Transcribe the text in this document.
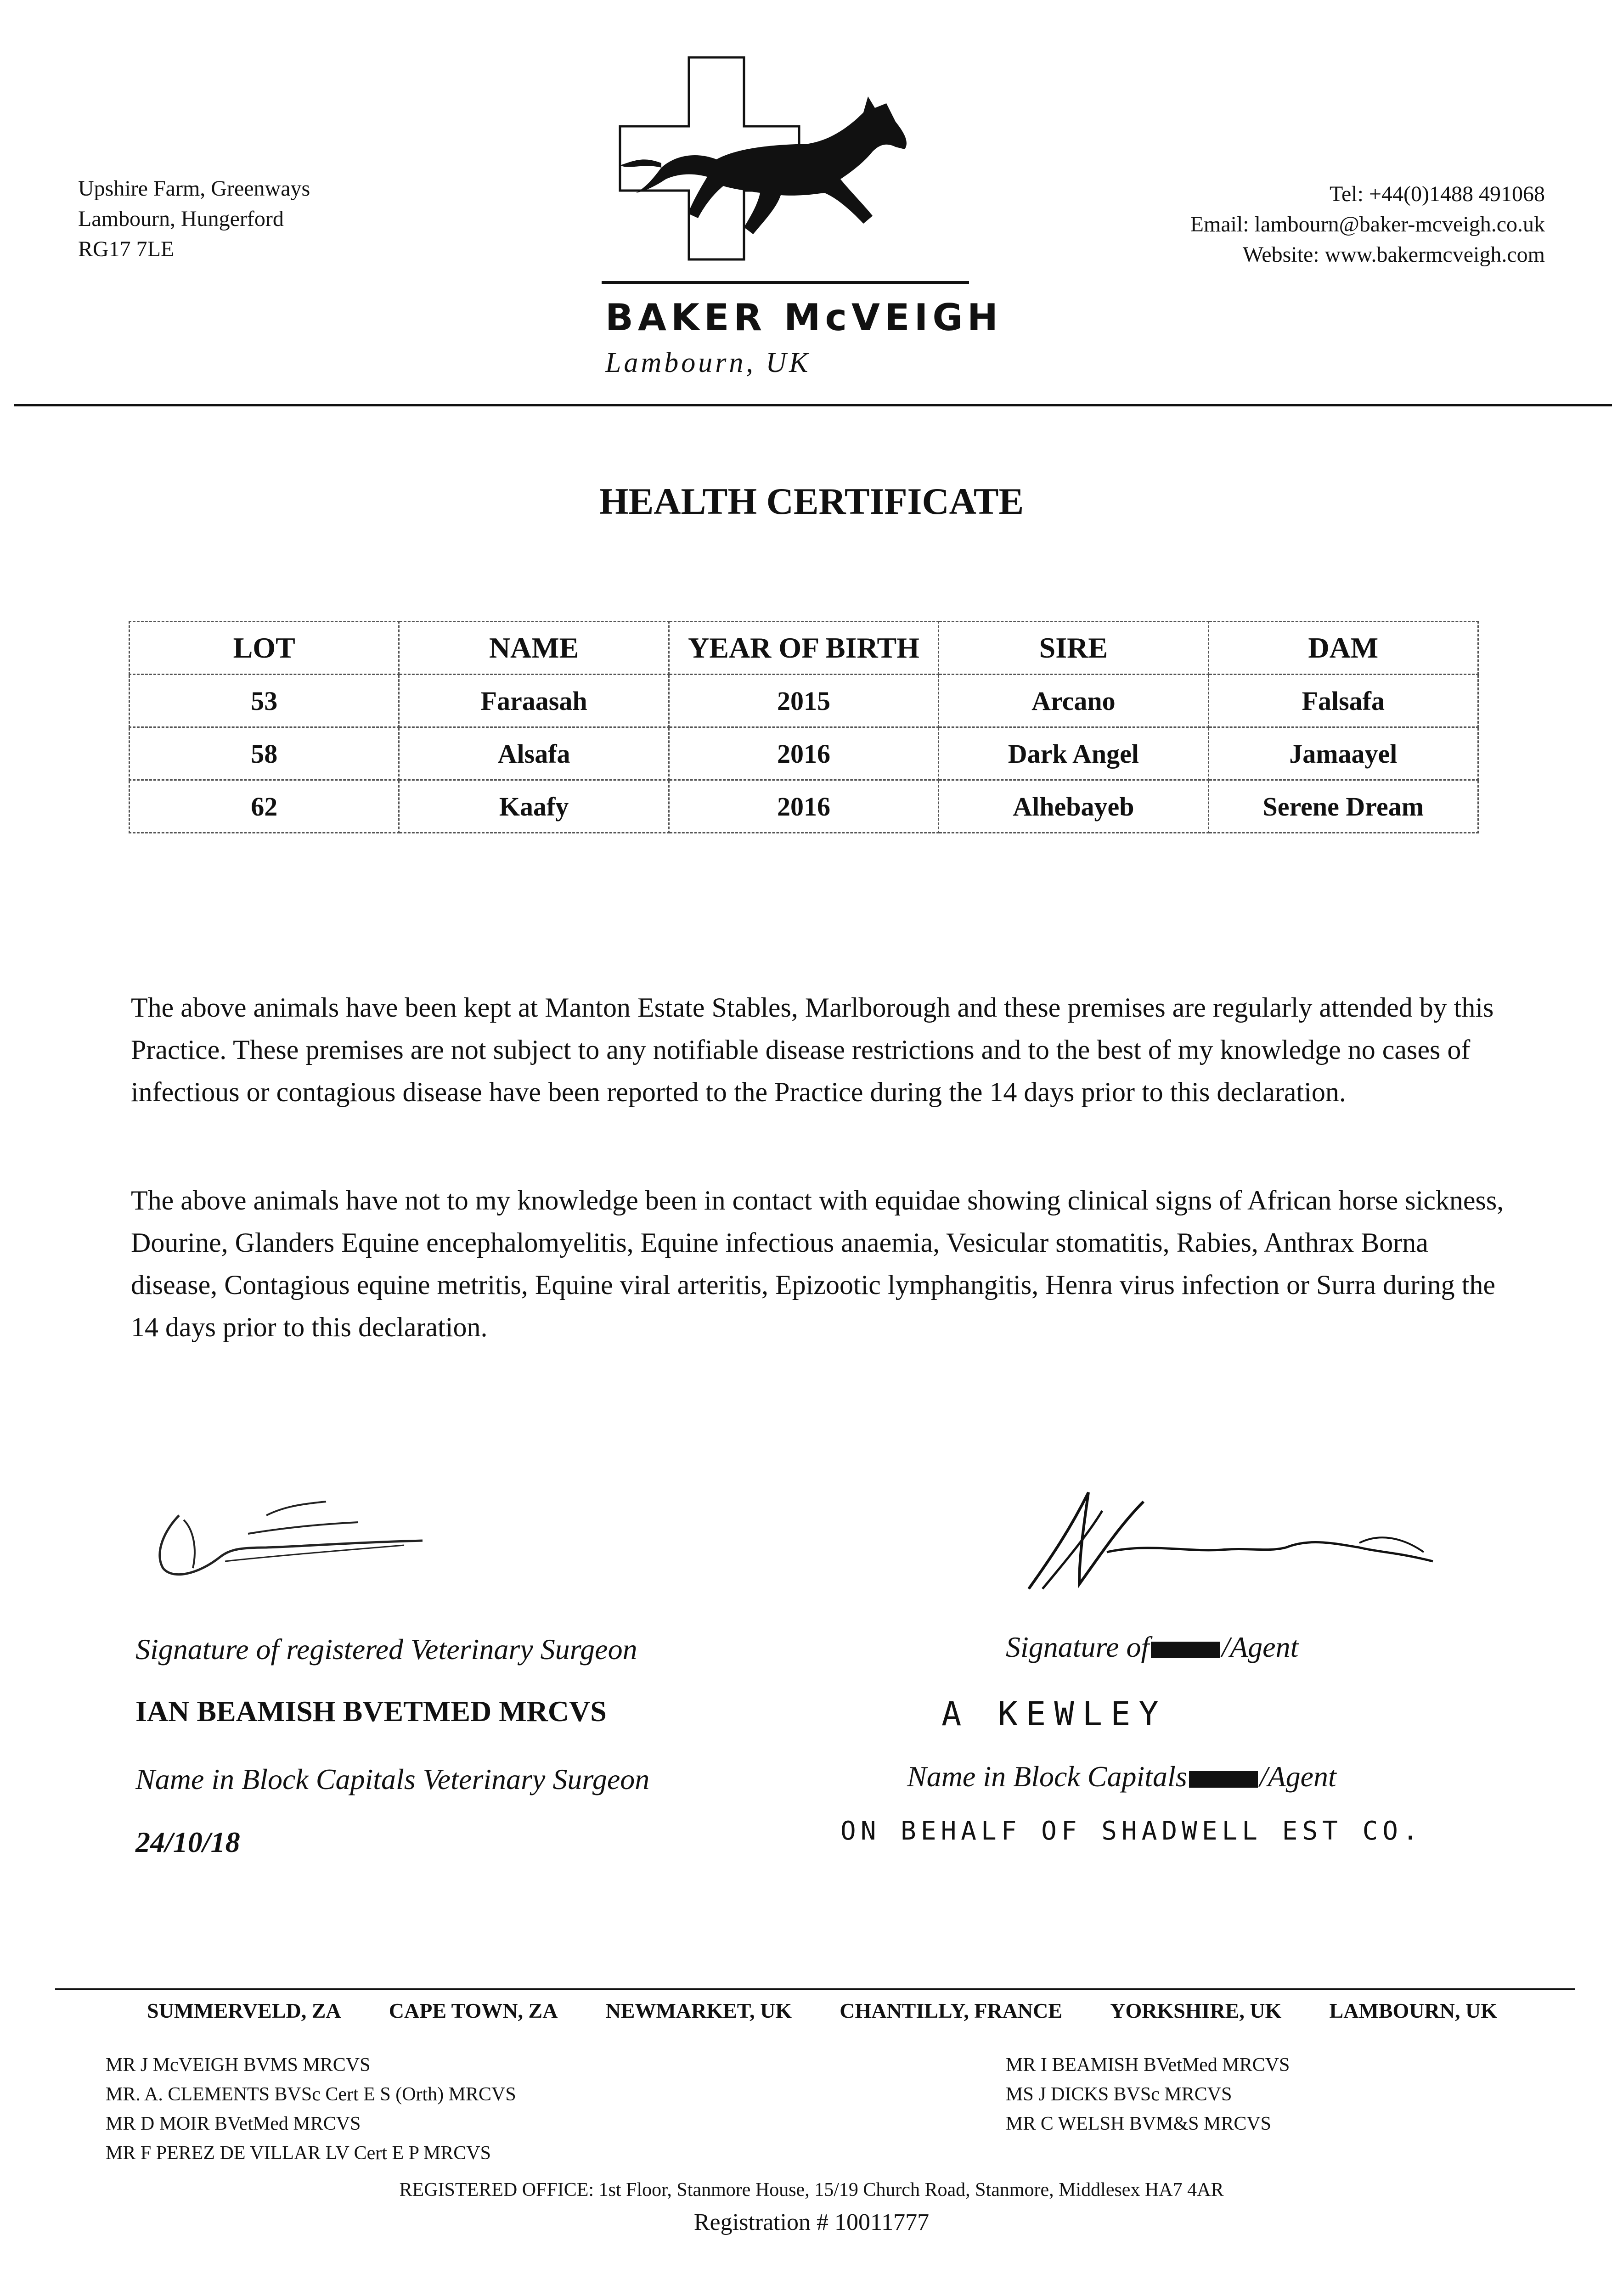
Upshire Farm, Greenways
Lambourn, Hungerford
RG17 7LE
BAKER McVEIGH
Lambourn, UK
Tel: +44(0)1488 491068
Email: lambourn@baker-mcveigh.co.uk
Website: www.bakermcveigh.com
HEALTH CERTIFICATE
LOT	NAME	YEAR OF BIRTH	SIRE	DAM
53	Faraasah	2015	Arcano	Falsafa
58	Alsafa	2016	Dark Angel	Jamaayel
62	Kaafy	2016	Alhebayeb	Serene Dream
The above animals have been kept at Manton Estate Stables, Marlborough and these premises are regularly attended by this Practice. These premises are not subject to any notifiable disease restrictions and to the best of my knowledge no cases of infectious or contagious disease have been reported to the Practice during the 14 days prior to this declaration.
The above animals have not to my knowledge been in contact with equidae showing clinical signs of African horse sickness, Dourine, Glanders Equine encephalomyelitis, Equine infectious anaemia, Vesicular stomatitis, Rabies, Anthrax Borna disease, Contagious equine metritis, Equine viral arteritis, Epizootic lymphangitis, Henra virus infection or Surra during the 14 days prior to this declaration.
Signature of registered Veterinary Surgeon
IAN BEAMISH BVETMED MRCVS
Name in Block Capitals Veterinary Surgeon
24/10/18
Signature of /Agent
A KEWLEY
Name in Block Capitals /Agent
ON BEHALF OF SHADWELL EST CO.
SUMMERVELD, ZA CAPE TOWN, ZA NEWMARKET, UK CHANTILLY, FRANCE YORKSHIRE, UK LAMBOURN, UK
MR J McVEIGH BVMS MRCVS
MR. A. CLEMENTS BVSc Cert E S (Orth) MRCVS
MR D MOIR BVetMed MRCVS
MR F PEREZ DE VILLAR LV Cert E P MRCVS
MR I BEAMISH BVetMed MRCVS
MS J DICKS BVSc MRCVS
MR C WELSH BVM&S MRCVS
REGISTERED OFFICE: 1st Floor, Stanmore House, 15/19 Church Road, Stanmore, Middlesex HA7 4AR
Registration # 10011777
